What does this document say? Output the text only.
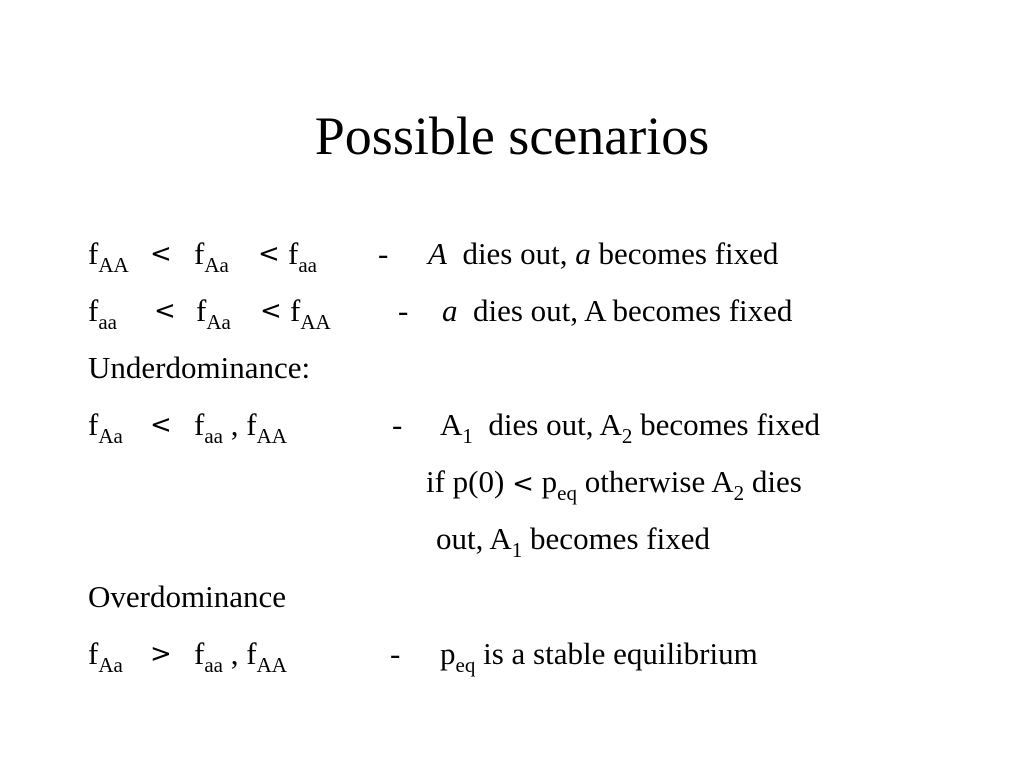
Possible scenarios
$f_{AA} < f_{Aa} < f_{aa} - A$ dies out, a becomes fixed
$f_{aa} < f_{Aa} < f_{AA} - a$ dies out, A becomes fixed
Underdominance:
$f_{Aa} < f_{aa}$ , $f_{AA}$	- $A_1$ dies out, $A_2$ becomes fixed
if $p(0) < p_{eq}$ otherwise $A_2$ dies
out, $A_1$ becomes fixed
Overdominance
$f_{Aa} > f_{aa}$ , $f_{AA}$	- $p_{eq}$ is a stable equilibrium
